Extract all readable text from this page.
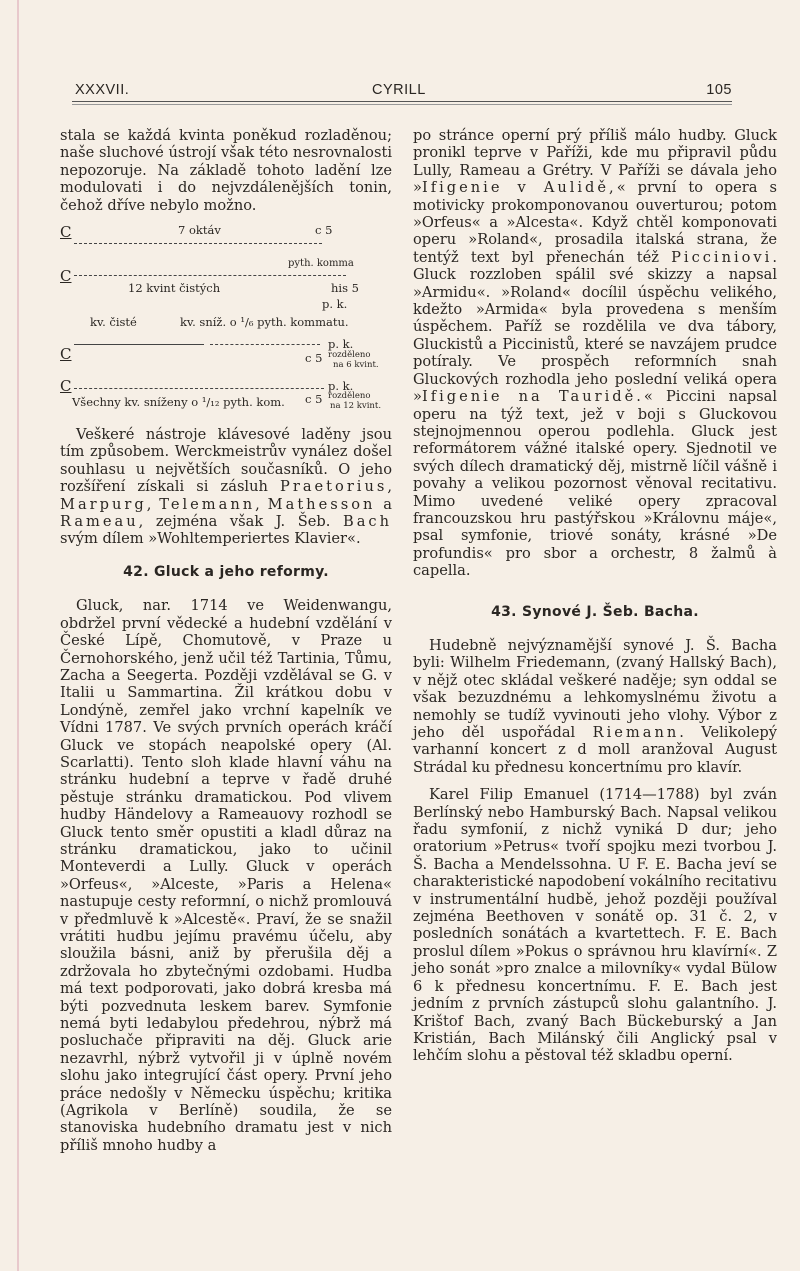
XXXVII.	CYRILL	105

stala se každá kvinta poněkud rozladěnou; naše sluchové ústrojí však této nesrovnalosti nepozoruje. Na základě tohoto ladění lze modulovati i do nejvzdálenějších tonin, čehož dříve nebylo možno.

C	7 oktáv	c 5
pyth. komma
C
12 kvint čistých	his 5
p. k.
kv. čisté	kv. sníž. o ¹/₆ pyth. kommatu.
C
p. k.
c 5 rozděleno
na 6 kvint.
C	p. k.
c 5
Všechny kv. sníženy o ¹/₁₂ pyth. kom.	rozděleno
na 12 kvint.

Veškeré nástroje klávesové laděny jsou tím způsobem. Werckmeistrův vynález došel souhlasu u největších současníků. O jeho rozšíření získali si zásluh Praetorius, Marpurg, Telemann, Mathesson a Rameau, zejména však J. Šeb. Bach svým dílem »Wohltemperiertes Klavier«.

42. Gluck a jeho reformy.

Gluck, nar. 1714 ve Weidenwangu, obdržel první vědecké a hudební vzdělání v České Lípě, Chomutově, v Praze u Černohorského, jenž učil též Tartinia, Tůmu, Zacha a Seegerta. Později vzdělával se G. v Italii u Sammartina. Žil krátkou dobu v Londýně, zemřel jako vrchní kapelník ve Vídni 1787. Ve svých prvních operách kráčí Gluck ve stopách neapolské opery (Al. Scarlatti). Tento sloh klade hlavní váhu na stránku hudební a teprve v řadě druhé pěstuje stránku dramatickou. Pod vlivem hudby Händelovy a Rameauovy rozhodl se Gluck tento směr opustiti a kladl důraz na stránku dramatickou, jako to učinil Monteverdi a Lully. Gluck v operách »Orfeus«, »Alceste, »Paris a Helena« nastupuje cesty reformní, o nichž promlouvá v předmluvě k »Alcestě«. Praví, že se snažil vrátiti hudbu jejímu pravému účelu, aby sloužila básni, aniž by přerušila děj a zdržovala ho zbytečnými ozdobami. Hudba má text podporovati, jako dobrá kresba má býti pozvednuta leskem barev. Symfonie nemá byti ledabylou předehrou, nýbrž má posluchače připraviti na děj. Gluck arie nezavrhl, nýbrž vytvořil ji v úplně novém slohu jako integrující část opery. První jeho práce nedošly v Německu úspěchu; kritika (Agrikola v Berlíně) soudila, že se stanoviska hudebního dramatu jest v nich příliš mnoho hudby a

po stránce operní prý příliš málo hudby. Gluck pronikl teprve v Paříži, kde mu připravil půdu Lully, Rameau a Grétry. V Paříži se dávala jeho »Ifigenie v Aulidě,« první to opera s motivicky prokomponovanou ouverturou; potom »Orfeus« a »Alcesta«. Když chtěl komponovati operu »Roland«, prosadila italská strana, že tentýž text byl přenechán též Picciniovi. Gluck rozzloben spálil své skizzy a napsal »Armidu«. »Roland« docílil úspěchu velikého, kdežto »Armida« byla provedena s menším úspěchem. Paříž se rozdělila ve dva tábory, Gluckistů a Piccinistů, které se navzájem prudce potíraly. Ve prospěch reformních snah Gluckových rozhodla jeho poslední veliká opera »Ifigenie na Tauridě.« Piccini napsal operu na týž text, jež v boji s Gluckovou stejnojmennou operou podlehla. Gluck jest reformátorem vážné italské opery. Sjednotil ve svých dílech dramatický děj, mistrně líčil vášně i povahy a velikou pozornost věnoval recitativu. Mimo uvedené veliké opery zpracoval francouzskou hru pastýřskou »Královnu máje«, psal symfonie, triové sonáty, krásné »De profundis« pro sbor a orchestr, 8 žalmů à capella.

43. Synové J. Šeb. Bacha.

Hudebně nejvýznamější synové J. Š. Bacha byli: Wilhelm Friedemann, (zvaný Hallský Bach), v nějž otec skládal veškeré naděje; syn oddal se však bezuzdnému a lehkomyslnému životu a nemohly se tudíž vyvinouti jeho vlohy. Výbor z jeho děl uspořádal Riemann. Velikolepý varhanní koncert z d moll aranžoval August Strádal ku přednesu koncertnímu pro klavír.

Karel Filip Emanuel (1714—1788) byl zván Berlínský nebo Hamburský Bach. Napsal velikou řadu symfonií, z nichž vyniká D dur; jeho oratorium »Petrus« tvoří spojku mezi tvorbou J. Š. Bacha a Mendelssohna. U F. E. Bacha jeví se charakteristické napodobení vokálního recitativu v instrumentální hudbě, jehož později používal zejména Beethoven v sonátě op. 31 č. 2, v posledních sonátách a kvartettech. F. E. Bach proslul dílem »Pokus o správnou hru klavírní«. Z jeho sonát »pro znalce a milovníky« vydal Bülow 6 k přednesu koncertnímu. F. E. Bach jest jedním z prvních zástupců slohu galantního. J. Krištof Bach, zvaný Bach Bückeburský a Jan Kristián, Bach Milánský čili Anglický psal v lehčím slohu a pěstoval též skladbu operní.
